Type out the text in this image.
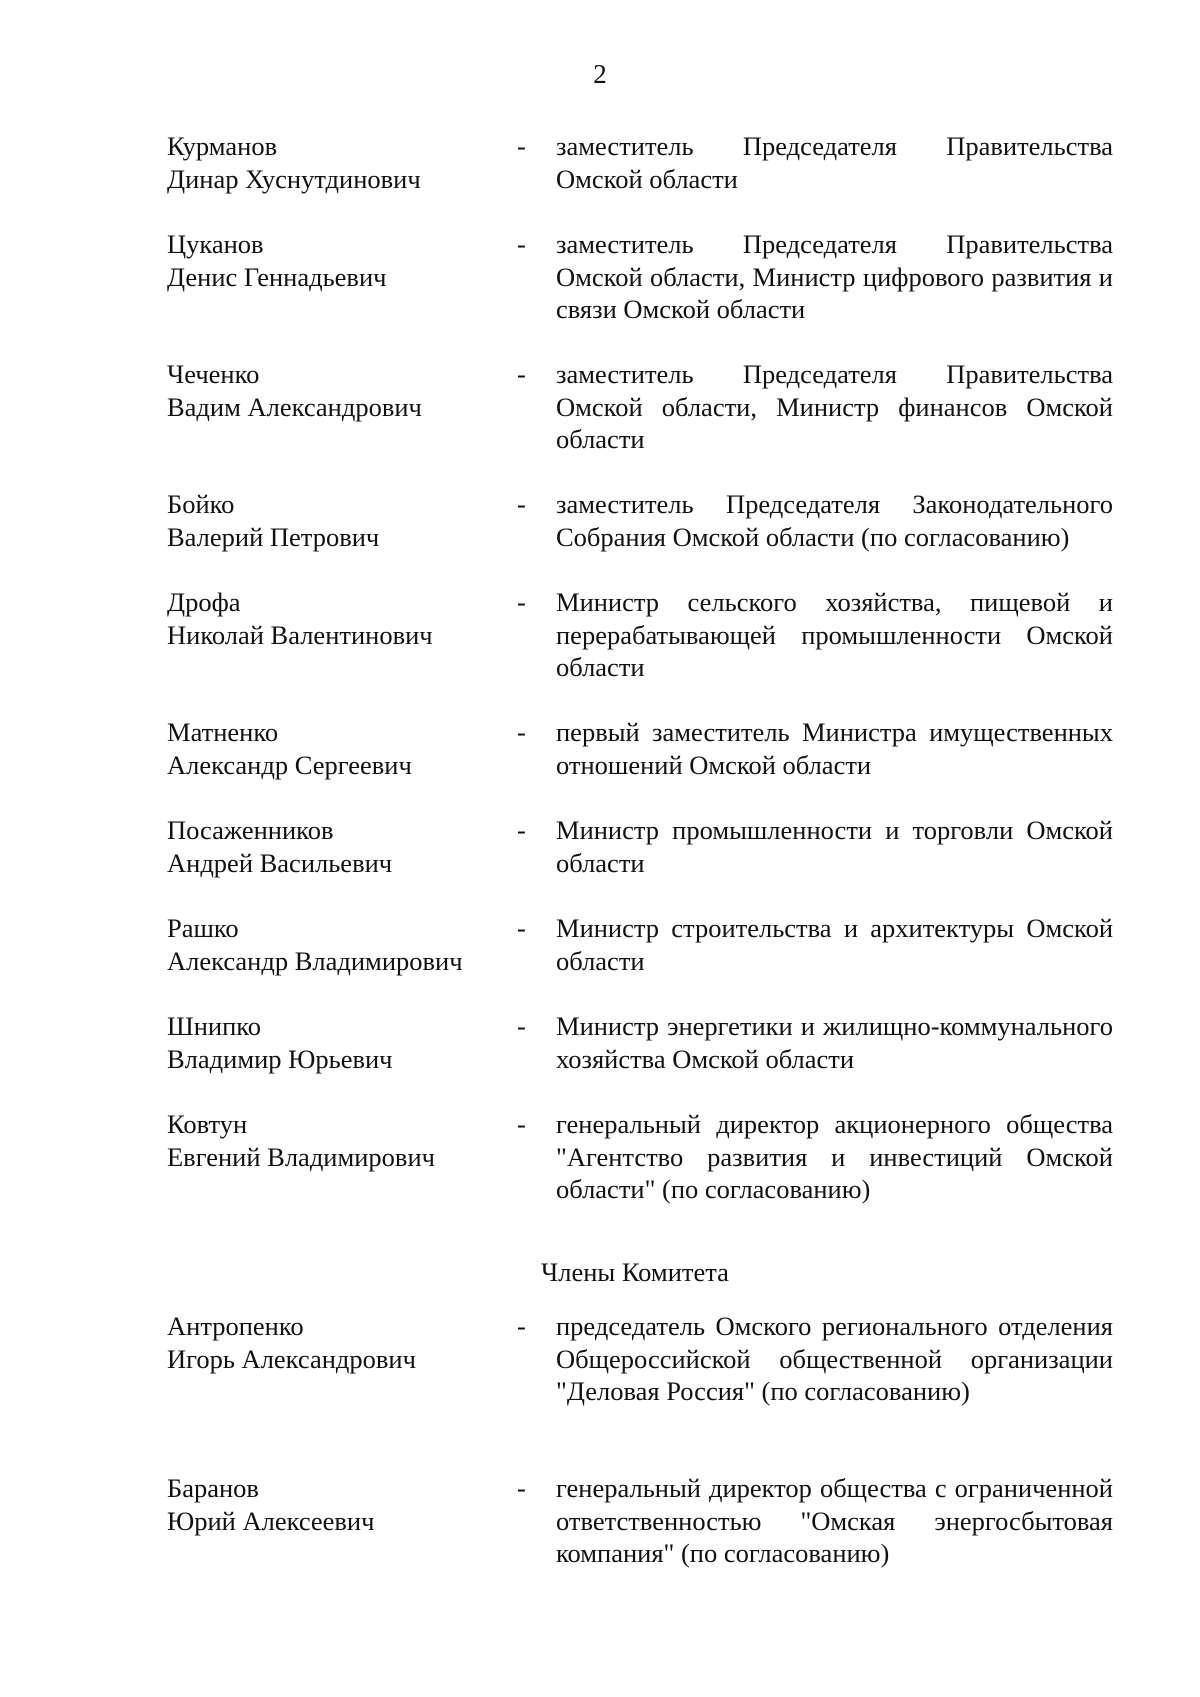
2
Курманов
Динар Хуснутдинович
-	заместитель Председателя Правительства Омской области
Цуканов
Денис Геннадьевич
-	заместитель Председателя Правительства Омской области, Министр цифрового развития и связи Омской области
Чеченко
Вадим Александрович
-	заместитель Председателя Правительства Омской области, Министр финансов Омской области
Бойко
Валерий Петрович
-	заместитель Председателя Законодательного Собрания Омской области (по согласованию)
Дрофа
Николай Валентинович
-	Министр сельского хозяйства, пищевой и перерабатывающей промышленности Омской области
Матненко
Александр Сергеевич
-	первый заместитель Министра имущественных отношений Омской области
Посаженников
Андрей Васильевич
-	Министр промышленности и торговли Омской области
Рашко
Александр Владимирович
-	Министр строительства и архитектуры Омской области
Шнипко
Владимир Юрьевич
-	Министр энергетики и жилищно-коммунального хозяйства Омской области
Ковтун
Евгений Владимирович
-	генеральный директор акционерного общества "Агентство развития и инвестиций Омской области" (по согласованию)
Члены Комитета
Антропенко
Игорь Александрович
-	председатель Омского регионального отделения Общероссийской общественной организации "Деловая Россия" (по согласованию)
Баранов
Юрий Алексеевич
-	генеральный директор общества с ограниченной ответственностью "Омская энергосбытовая компания" (по согласованию)
